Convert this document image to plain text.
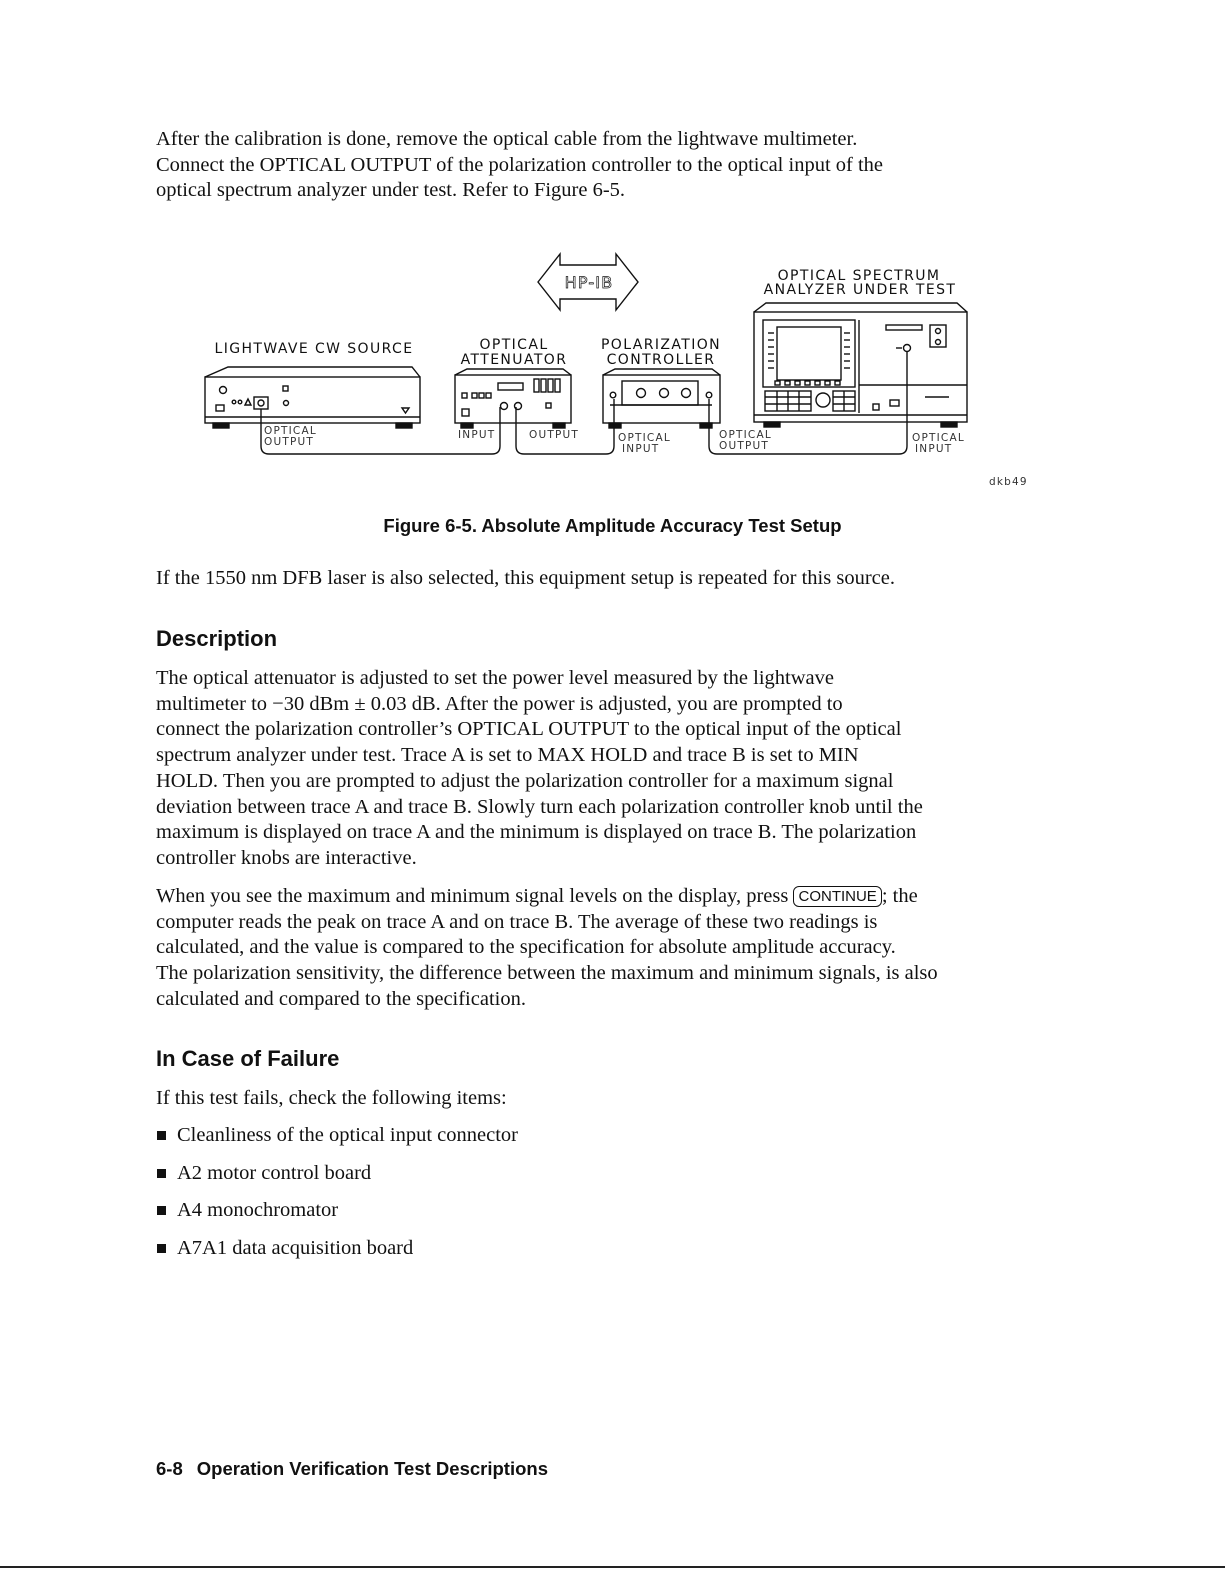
After the calibration is done, remove the optical cable from the lightwave multimeter.
Connect the OPTICAL OUTPUT of the polarization controller to the optical input of the
optical spectrum analyzer under test. Refer to Figure 6-5.

HP-IB	OPTICAL SPECTRUM
ANALYZER UNDER TEST
LIGHTWAVE CW SOURCE	OPTICAL
ATTENUATOR
POLARIZATION
CONTROLLER
OPTICAL
OUTPUT
INPUT	OUTPUT	OPTICAL
INPUT
OPTICAL
OUTPUT
OPTICAL
INPUT
dkb49

Figure 6-5. Absolute Amplitude Accuracy Test Setup

If the 1550 nm DFB laser is also selected, this equipment setup is repeated for this source.

Description

The optical attenuator is adjusted to set the power level measured by the lightwave
multimeter to −30 dBm ± 0.03 dB. After the power is adjusted, you are prompted to
connect the polarization controller’s OPTICAL OUTPUT to the optical input of the optical
spectrum analyzer under test. Trace A is set to MAX HOLD and trace B is set to MIN
HOLD. Then you are prompted to adjust the polarization controller for a maximum signal
deviation between trace A and trace B. Slowly turn each polarization controller knob until the
maximum is displayed on trace A and the minimum is displayed on trace B. The polarization
controller knobs are interactive.

When you see the maximum and minimum signal levels on the display, press CONTINUE ; the
computer reads the peak on trace A and on trace B. The average of these two readings is
calculated, and the value is compared to the specification for absolute amplitude accuracy.
The polarization sensitivity, the difference between the maximum and minimum signals, is also
calculated and compared to the specification.

In Case of Failure

If this test fails, check the following items:

Cleanliness of the optical input connector
A2 motor control board
A4 monochromator
A7A1 data acquisition board

6-8 Operation Verification Test Descriptions
